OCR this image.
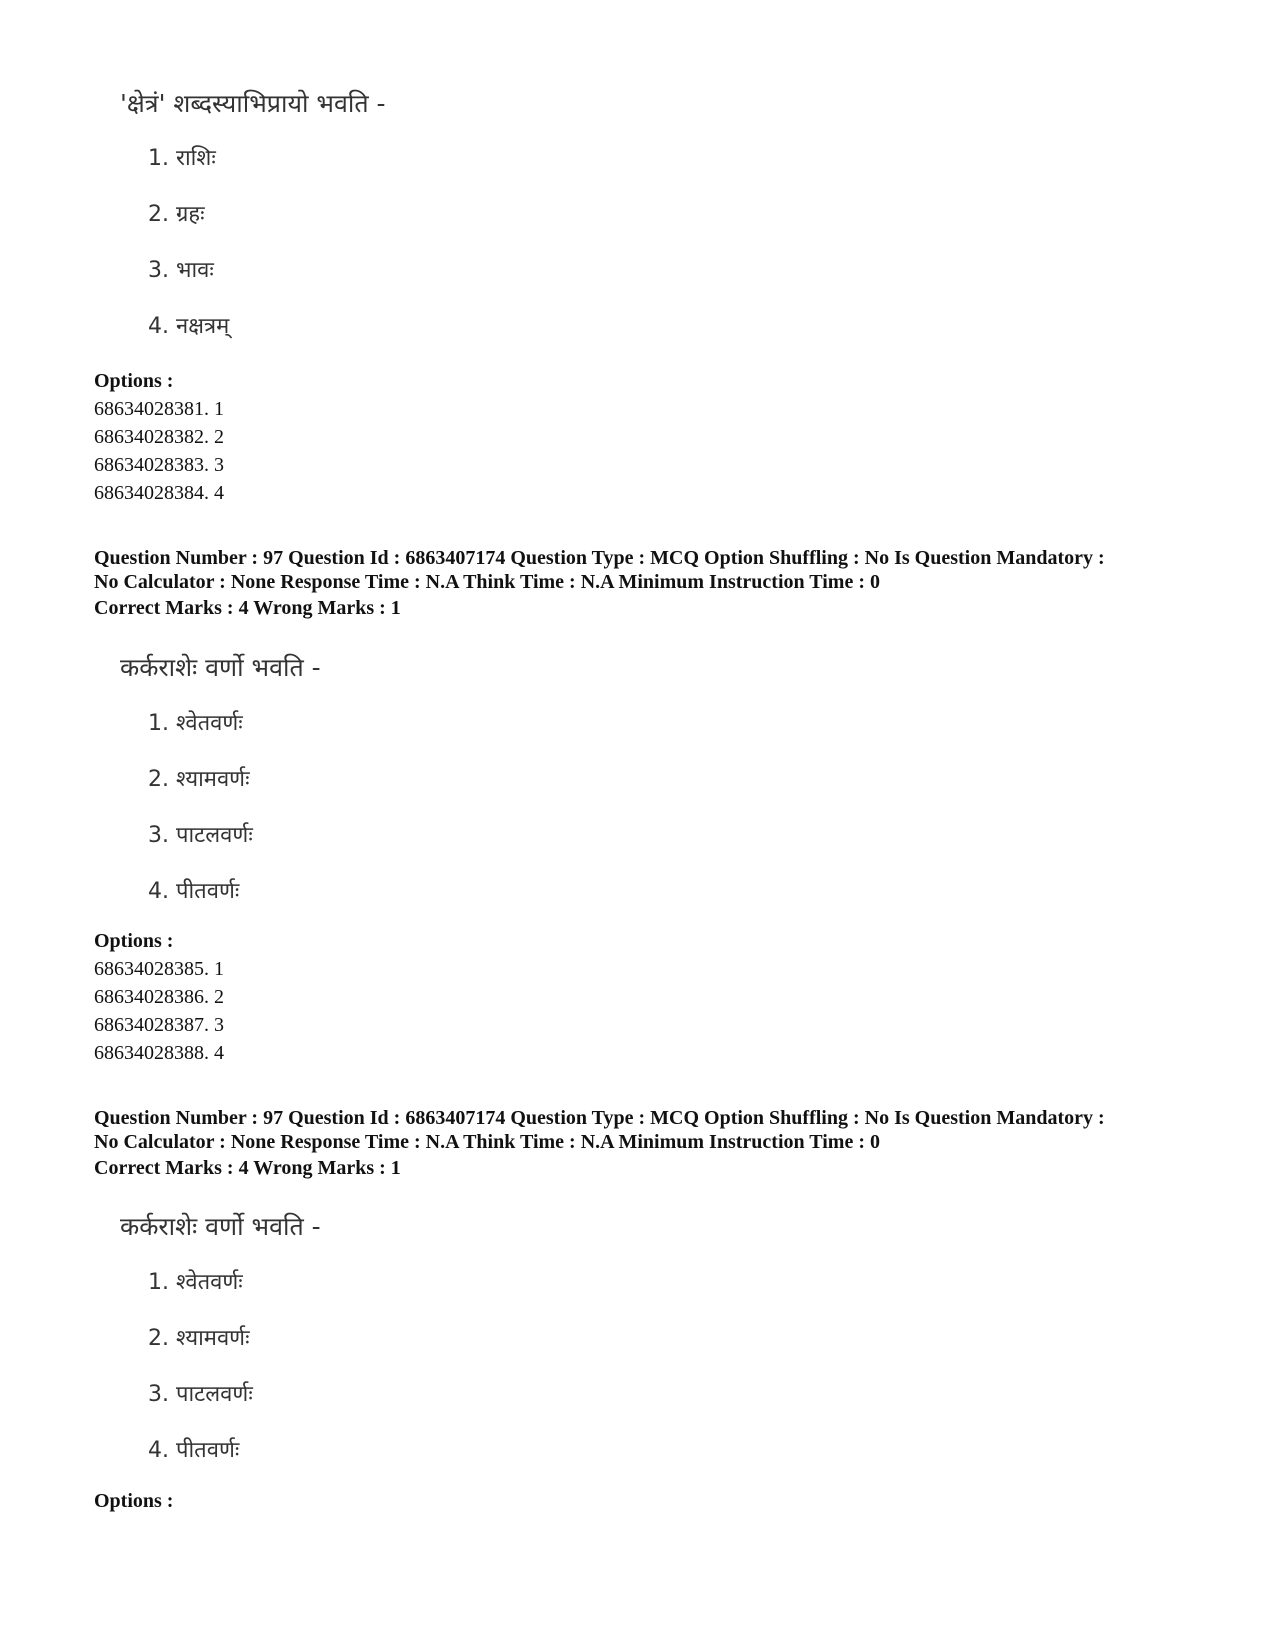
'क्षेत्रं' शब्दस्याभिप्रायो भवति -
1. राशिः
2. ग्रहः
3. भावः
4. नक्षत्रम्
Options :
68634028381. 1
68634028382. 2
68634028383. 3
68634028384. 4
Question Number : 97 Question Id : 6863407174 Question Type : MCQ Option Shuffling : No Is Question Mandatory :
No Calculator : None Response Time : N.A Think Time : N.A Minimum Instruction Time : 0
Correct Marks : 4 Wrong Marks : 1
कर्कराशेः वर्णो भवति -
1. श्वेतवर्णः
2. श्यामवर्णः
3. पाटलवर्णः
4. पीतवर्णः
Options :
68634028385. 1
68634028386. 2
68634028387. 3
68634028388. 4
Question Number : 97 Question Id : 6863407174 Question Type : MCQ Option Shuffling : No Is Question Mandatory :
No Calculator : None Response Time : N.A Think Time : N.A Minimum Instruction Time : 0
Correct Marks : 4 Wrong Marks : 1
कर्कराशेः वर्णो भवति -
1. श्वेतवर्णः
2. श्यामवर्णः
3. पाटलवर्णः
4. पीतवर्णः
Options :
